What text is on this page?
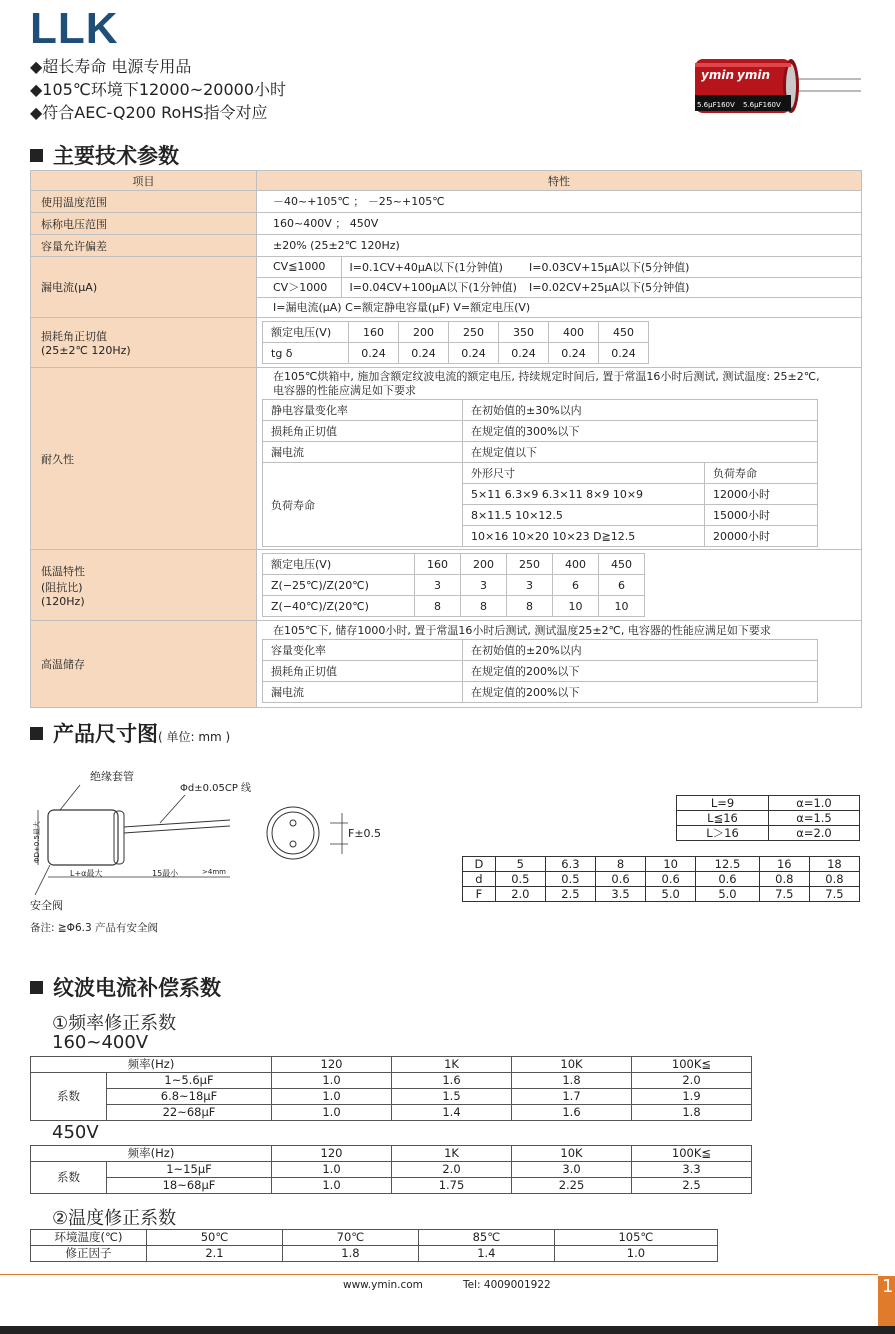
LLK
◆超长寿命 电源专用品
◆105℃环境下12000~20000小时
◆符合AEC-Q200 RoHS指令对应
ymin ymin
5.6μF160V 5.6μF160V
主要技术参数
项目	特性
使用温度范围	－40~+105℃ ； －25~+105℃

标称电压范围	160~400V ； 450V

容量允许偏差	±20% (25±2℃ 120Hz)

漏电流(μA)	
CV≦1000	I=0.1CV+40μA以下(1分钟值)	I=0.03CV+15μA以下(5分钟值)
CV＞1000	I=0.04CV+100μA以下(1分钟值)	I=0.02CV+25μA以下(5分钟值)
I=漏电流(μA) C=额定静电容量(μF) V=额定电压(V)

损耗角正切值
(25±2℃ 120Hz)

额定电压(V)	160	200	250	350	400	450
tg δ	0.24	0.24	0.24	0.24	0.24	0.24

耐久性	
在105℃烘箱中, 施加含额定纹波电流的额定电压, 持续规定时间后, 置于常温16小时后测试, 测试温度: 25±2℃,
电容器的性能应满足如下要求
静电容量变化率	在初始值的±30%以内
损耗角正切值	在规定值的300%以下
漏电流	在规定值以下
负荷寿命	外形尺寸	负荷寿命
5×11 6.3×9 6.3×11 8×9 10×9	12000小时
8×11.5 10×12.5	15000小时
10×16 10×20 10×23 D≧12.5	20000小时

低温特性
(阻抗比)
(120Hz)

额定电压(V)	160	200	250	400	450
Z(−25℃)/Z(20℃)	3	3	3	6	6
Z(−40℃)/Z(20℃)	8	8	8	10	10

高温储存	
在105℃下, 储存1000小时, 置于常温16小时后测试, 测试温度25±2℃, 电容器的性能应满足如下要求
容量变化率	在初始值的±20%以内
损耗角正切值	在规定值的200%以下
漏电流	在规定值的200%以下
产品尺寸图( 单位: mm )
绝缘套管
Φd±0.05CP 线
ΦD+0.5最大
L+α最大	15最小	>4mm
F±0.5
安全阀
备注: ≧Φ6.3 产品有安全阀
L=9	α=1.0
L≦16	α=1.5
L＞16	α=2.0
D	5	6.3	8	10	12.5	16	18
d	0.5	0.5	0.6	0.6	0.6	0.8	0.8
F	2.0	2.5	3.5	5.0	5.0	7.5	7.5
纹波电流补偿系数
①频率修正系数
160~400V
频率(Hz)		120	1K	10K	100K≦
系数	1~5.6μF	1.0	1.6	1.8	2.0
	6.8~18μF	1.0	1.5	1.7	1.9
	22~68μF	1.0	1.4	1.6	1.8
450V
频率(Hz)		120	1K	10K	100K≦
系数	1~15μF	1.0	2.0	3.0	3.3
	18~68μF	1.0	1.75	2.25	2.5
②温度修正系数
环境温度(℃)	50℃	70℃	85℃	105℃
修正因子	2.1	1.8	1.4	1.0
www.ymin.com	Tel: 4009001922	1
